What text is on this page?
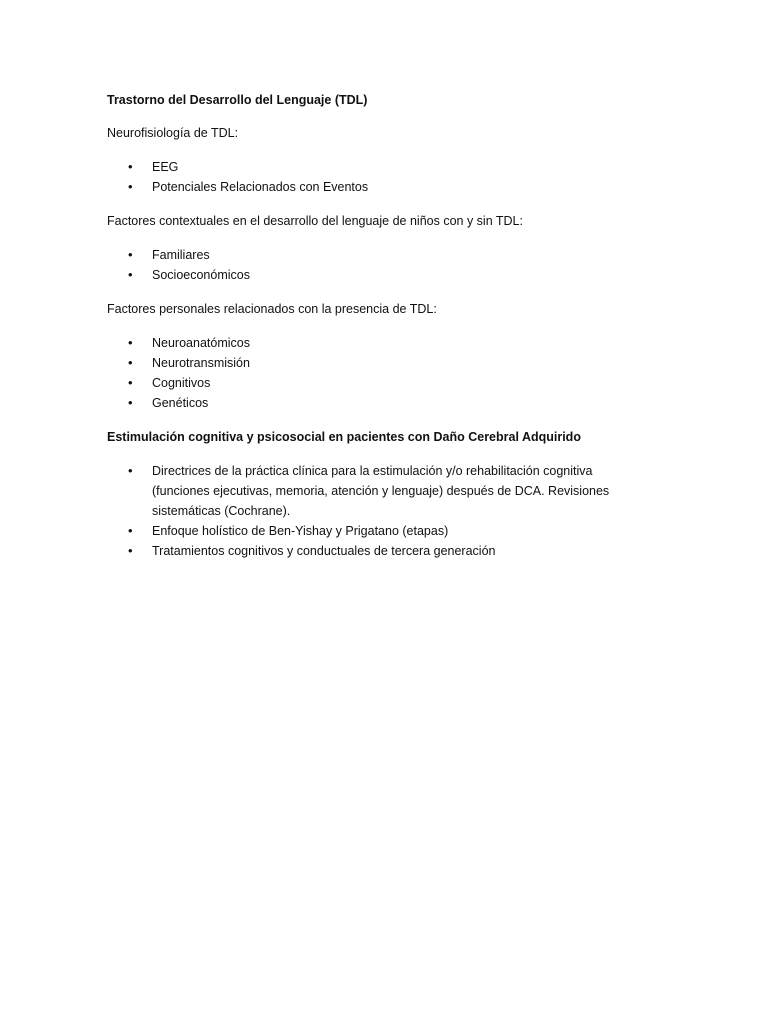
Trastorno del Desarrollo del Lenguaje (TDL)
Neurofisiología de TDL:
• EEG
• Potenciales Relacionados con Eventos
Factores contextuales en el desarrollo del lenguaje de niños con y sin TDL:
• Familiares
• Socioeconómicos
Factores personales relacionados con la presencia de TDL:
• Neuroanatómicos
• Neurotransmisión
• Cognitivos
• Genéticos
Estimulación cognitiva y psicosocial en pacientes con Daño Cerebral Adquirido
• Directrices de la práctica clínica para la estimulación y/o rehabilitación cognitiva (funciones ejecutivas, memoria, atención y lenguaje) después de DCA. Revisiones sistemáticas (Cochrane).
• Enfoque holístico de Ben-Yishay y Prigatano (etapas)
• Tratamientos cognitivos y conductuales de tercera generación
